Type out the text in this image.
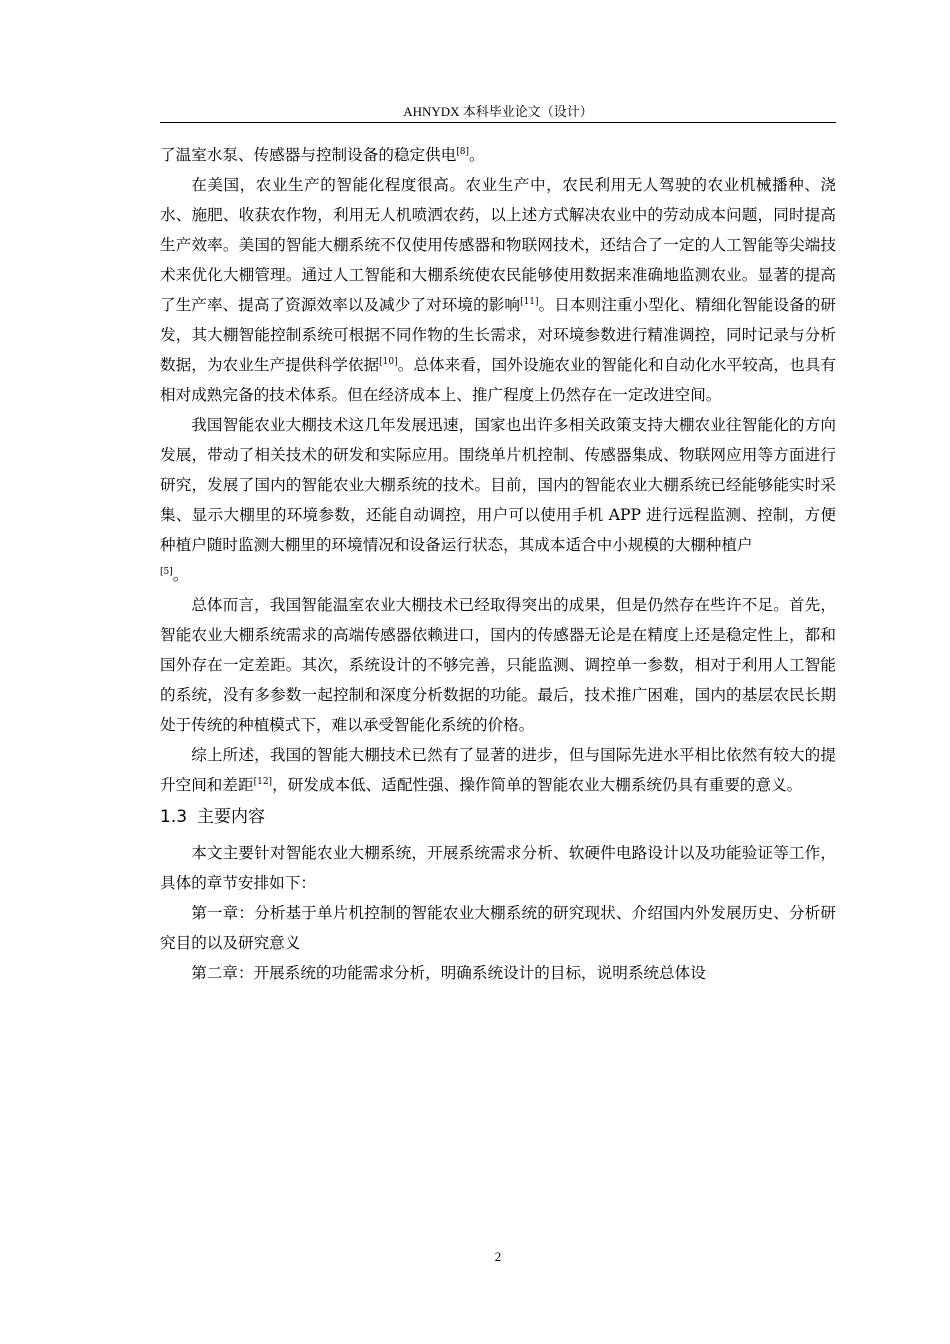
AHNYDX 本科毕业论文（设计）

了温室水泵、传感器与控制设备的稳定供电[8]。

在美国，农业生产的智能化程度很高。农业生产中，农民利用无人驾驶的农业机械播种、浇水、施肥、收获农作物，利用无人机喷洒农药，以上述方式解决农业中的劳动成本问题，同时提高生产效率。美国的智能大棚系统不仅使用传感器和物联网技术，还结合了一定的人工智能等尖端技术来优化大棚管理。通过人工智能和大棚系统使农民能够使用数据来准确地监测农业。显著的提高了生产率、提高了资源效率以及减少了对环境的影响[11]。日本则注重小型化、精细化智能设备的研发，其大棚智能控制系统可根据不同作物的生长需求，对环境参数进行精准调控，同时记录与分析数据，为农业生产提供科学依据[10]。总体来看，国外设施农业的智能化和自动化水平较高，也具有相对成熟完备的技术体系。但在经济成本上、推广程度上仍然存在一定改进空间。

我国智能农业大棚技术这几年发展迅速，国家也出许多相关政策支持大棚农业往智能化的方向发展，带动了相关技术的研发和实际应用。围绕单片机控制、传感器集成、物联网应用等方面进行研究，发展了国内的智能农业大棚系统的技术。目前，国内的智能农业大棚系统已经能够能实时采集、显示大棚里的环境参数，还能自动调控，用户可以使用手机 APP 进行远程监测、控制，方便种植户随时监测大棚里的环境情况和设备运行状态，其成本适合中小规模的大棚种植户
[5]。

总体而言，我国智能温室农业大棚技术已经取得突出的成果，但是仍然存在些许不足。首先，智能农业大棚系统需求的高端传感器依赖进口，国内的传感器无论是在精度上还是稳定性上，都和国外存在一定差距。其次，系统设计的不够完善，只能监测、调控单一参数，相对于利用人工智能的系统，没有多参数一起控制和深度分析数据的功能。最后，技术推广困难，国内的基层农民长期处于传统的种植模式下，难以承受智能化系统的价格。

综上所述，我国的智能大棚技术已然有了显著的进步，但与国际先进水平相比依然有较大的提升空间和差距[12]，研发成本低、适配性强、操作简单的智能农业大棚系统仍具有重要的意义。

1.3 主要内容

本文主要针对智能农业大棚系统，开展系统需求分析、软硬件电路设计以及功能验证等工作，具体的章节安排如下：

第一章：分析基于单片机控制的智能农业大棚系统的研究现状、介绍国内外发展历史、分析研究目的以及研究意义

第二章：开展系统的功能需求分析，明确系统设计的目标，说明系统总体设

2
